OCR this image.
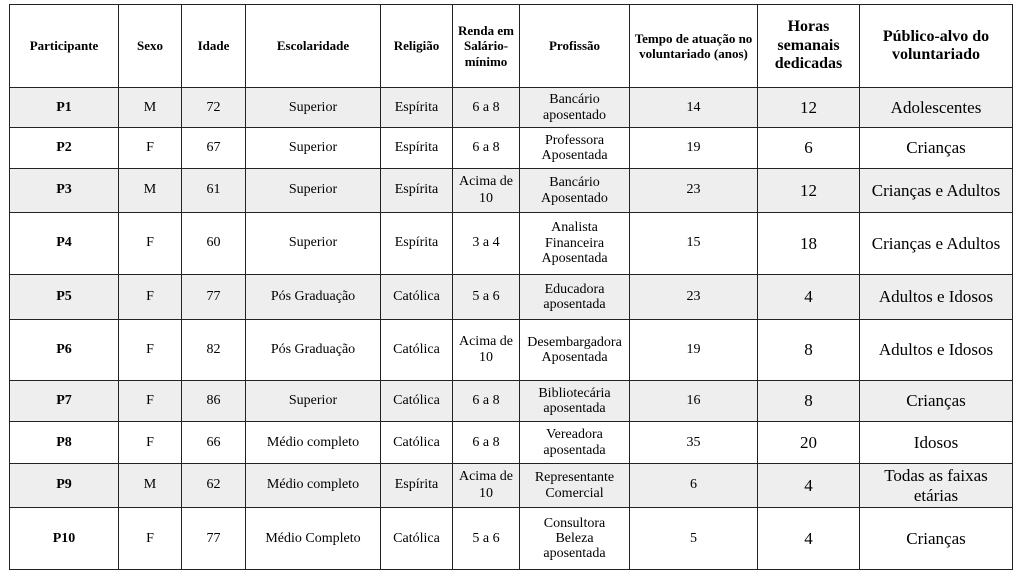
Participante	Sexo	Idade	Escolaridade	Religião	Renda em Salário-mínimo	Profissão	Tempo de atuação no voluntariado (anos)	Horas semanais dedicadas	Público-alvo do voluntariado
P1	M	72	Superior	Espírita	6 a 8	Bancário aposentado	14	12	Adolescentes
P2	F	67	Superior	Espírita	6 a 8	Professora Aposentada	19	6	Crianças
P3	M	61	Superior	Espírita	Acima de 10	Bancário Aposentado	23	12	Crianças e Adultos
P4	F	60	Superior	Espírita	3 a 4	Analista Financeira Aposentada	15	18	Crianças e Adultos
P5	F	77	Pós Graduação	Católica	5 a 6	Educadora aposentada	23	4	Adultos e Idosos
P6	F	82	Pós Graduação	Católica	Acima de 10	Desembargadora Aposentada	19	8	Adultos e Idosos
P7	F	86	Superior	Católica	6 a 8	Bibliotecária aposentada	16	8	Crianças
P8	F	66	Médio completo	Católica	6 a 8	Vereadora aposentada	35	20	Idosos
P9	M	62	Médio completo	Espírita	Acima de 10	Representante Comercial	6	4	Todas as faixas etárias
P10	F	77	Médio Completo	Católica	5 a 6	Consultora Beleza aposentada	5	4	Crianças
